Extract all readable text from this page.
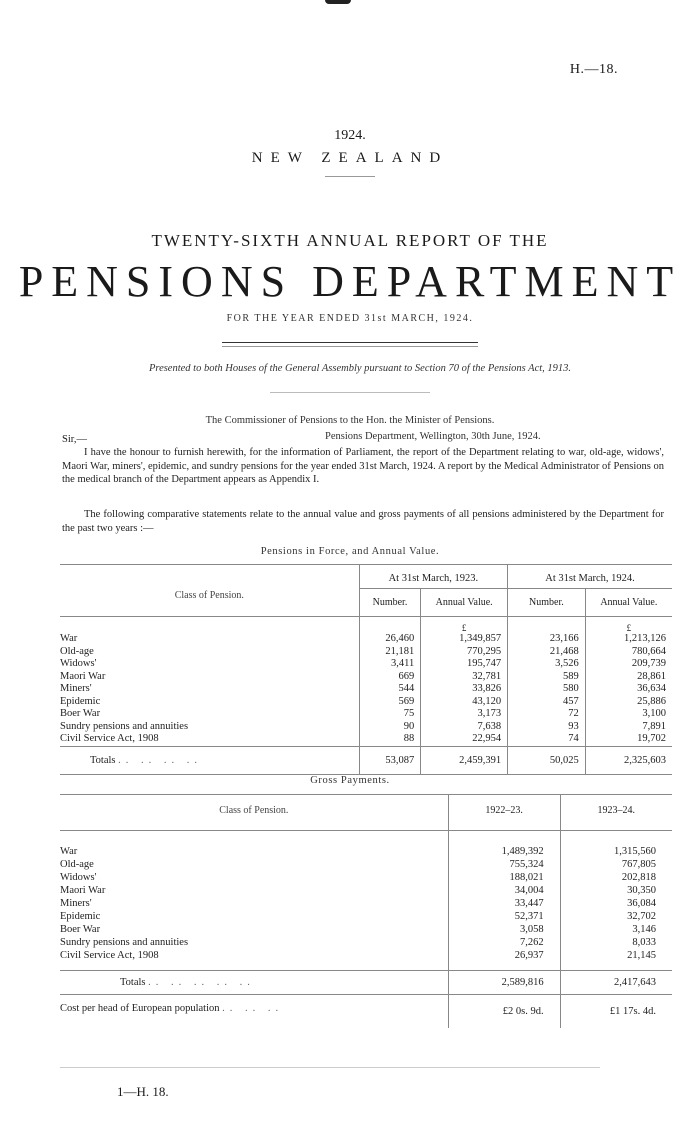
H.—18.
1924.
NEW ZEALAND
TWENTY-SIXTH ANNUAL REPORT OF THE
PENSIONS DEPARTMENT
FOR THE YEAR ENDED 31st MARCH, 1924.
Presented to both Houses of the General Assembly pursuant to Section 70 of the Pensions Act, 1913.
The Commissioner of Pensions to the Hon. the Minister of Pensions.
Sir,—	Pensions Department, Wellington, 30th June, 1924.
I have the honour to furnish herewith, for the information of Parliament, the report of the Department relating to war, old-age, widows', Maori War, miners', epidemic, and sundry pensions for the year ended 31st March, 1924. A report by the Medical Administrator of Pensions on the medical branch of the Department appears as Appendix I.
The following comparative statements relate to the annual value and gross payments of all pensions administered by the Department for the past two years :—
Pensions in Force, and Annual Value.
Class of Pension.	At 31st March, 1923.		At 31st March, 1924.	
	Number.	Annual Value.	Number.	Annual Value.
		£		£
War	26,460	1,349,857	23,166	1,213,126
Old-age	21,181	770,295	21,468	780,664
Widows'	3,411	195,747	3,526	209,739
Maori War	669	32,781	589	28,861
Miners'	544	33,826	580	36,634
Epidemic	569	43,120	457	25,886
Boer War	75	3,173	72	3,100
Sundry pensions and annuities	90	7,638	93	7,891
Civil Service Act, 1908	88	22,954	74	19,702
Totals .. .. .. ..	53,087	2,459,391	50,025	2,325,603

Gross Payments.
Class of Pension.	1922–23.	1923–24.

War	1,489,392	1,315,560
Old-age	755,324	767,805
Widows'	188,021	202,818
Maori War	34,004	30,350
Miners'	33,447	36,084
Epidemic	52,371	32,702
Boer War	3,058	3,146
Sundry pensions and annuities	7,262	8,033
Civil Service Act, 1908	26,937	21,145

Totals .. .. .. .. ..	2,589,816	2,417,643
Cost per head of European population .. .. ..	£2 0s. 9d.	£1 17s. 4d.
1—H. 18.
